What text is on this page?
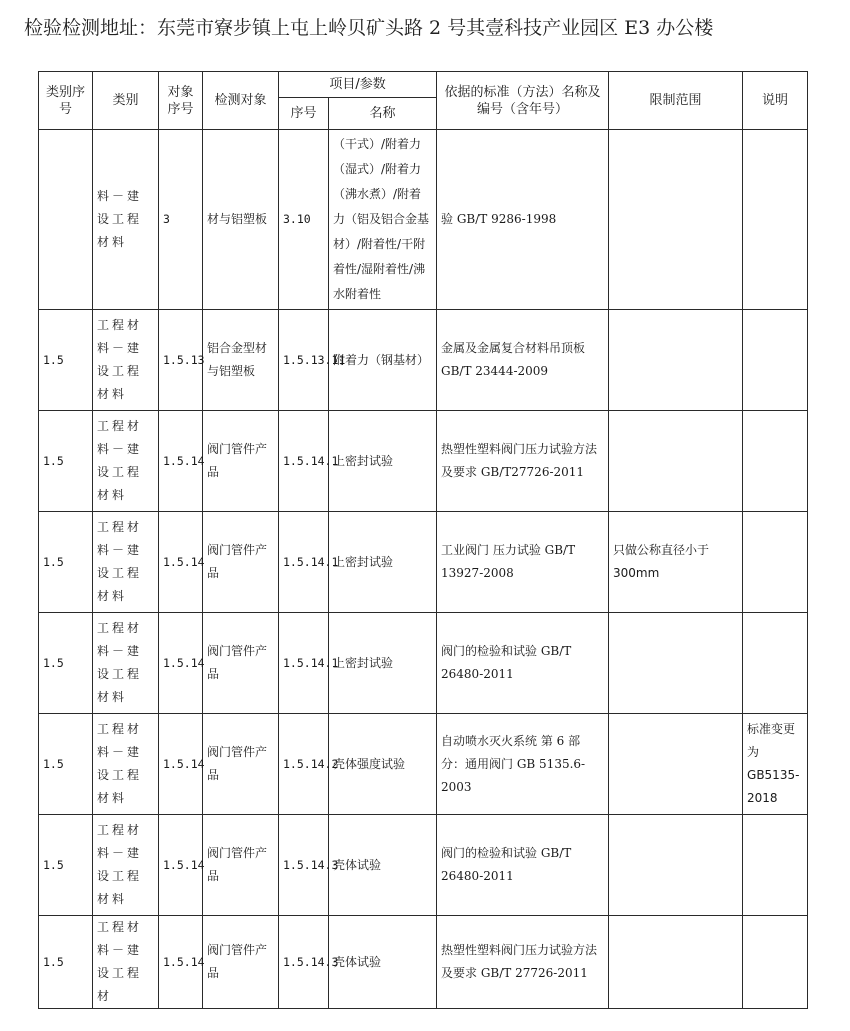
检验检测地址：东莞市寮步镇上屯上岭贝矿头路 2 号其壹科技产业园区 E3 办公楼
类别序号	类别	对象序号	检测对象	项目/参数		依据的标准（方法）名称及编号（含年号）	限制范围	说明
				序号	名称			
	料－建设工程材料	3	材与铝塑板	3.10	（干式）/附着力（湿式）/附着力（沸水煮）/附着力（铝及铝合金基材）/附着性/干附着性/湿附着性/沸水附着性	验 GB/T 9286-1998		
1.5	工程材料－建设工程材料	1.5.13	铝合金型材与铝塑板	1.5.13.11	附着力（钢基材）	金属及金属复合材料吊顶板 GB/T 23444-2009		
1.5	工程材料－建设工程材料	1.5.14	阀门管件产品	1.5.14.1	上密封试验	热塑性塑料阀门压力试验方法及要求 GB/T27726-2011		
1.5	工程材料－建设工程材料	1.5.14	阀门管件产品	1.5.14.1	上密封试验	工业阀门 压力试验 GB/T 13927-2008	只做公称直径小于300mm	
1.5	工程材料－建设工程材料	1.5.14	阀门管件产品	1.5.14.1	上密封试验	阀门的检验和试验 GB/T 26480-2011		
1.5	工程材料－建设工程材料	1.5.14	阀门管件产品	1.5.14.2	壳体强度试验	自动喷水灭火系统 第 6 部分：通用阀门 GB 5135.6-2003		标准变更为GB5135-2018
1.5	工程材料－建设工程材料	1.5.14	阀门管件产品	1.5.14.3	壳体试验	阀门的检验和试验 GB/T 26480-2011		
1.5	工程材料－建设工程材	1.5.14	阀门管件产品	1.5.14.3	壳体试验	热塑性塑料阀门压力试验方法及要求 GB/T 27726-2011		
